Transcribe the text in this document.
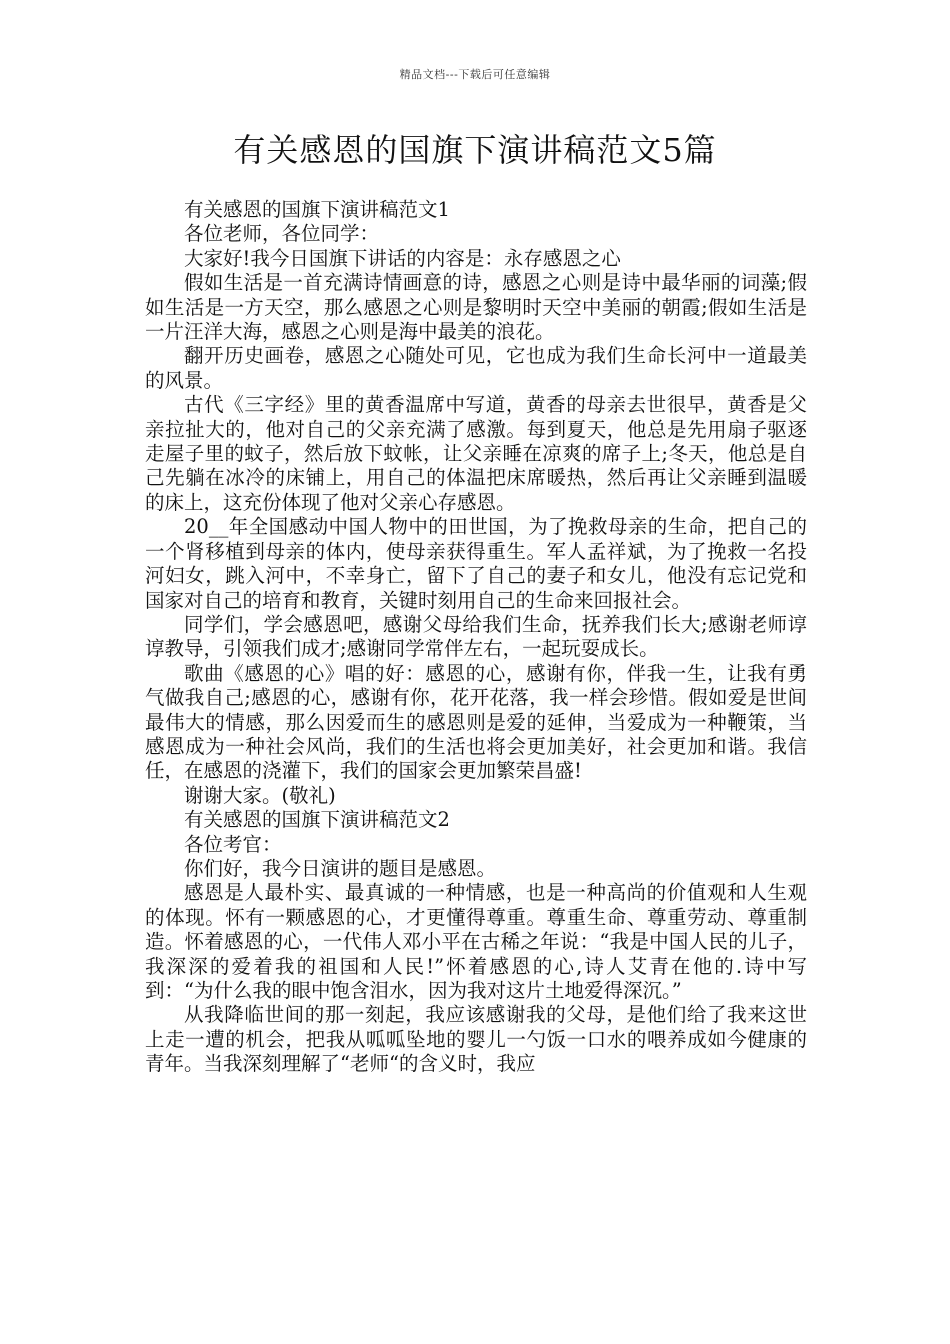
精品文档---下载后可任意编辑
有关感恩的国旗下演讲稿范文5篇

有关感恩的国旗下演讲稿范文1

各位老师，各位同学：

大家好!我今日国旗下讲话的内容是：永存感恩之心

假如生活是一首充满诗情画意的诗，感恩之心则是诗中最华丽的词藻;假如生活是一方天空，那么感恩之心则是黎明时天空中美丽的朝霞;假如生活是一片汪洋大海，感恩之心则是海中最美的浪花。

翻开历史画卷，感恩之心随处可见，它也成为我们生命长河中一道最美的风景。

古代《三字经》里的黄香温席中写道，黄香的母亲去世很早，黄香是父亲拉扯大的，他对自己的父亲充满了感激。每到夏天，他总是先用扇子驱逐走屋子里的蚊子，然后放下蚊帐，让父亲睡在凉爽的席子上;冬天，他总是自己先躺在冰冷的床铺上，用自己的体温把床席暖热，然后再让父亲睡到温暖的床上，这充份体现了他对父亲心存感恩。

20__年全国感动中国人物中的田世国，为了挽救母亲的生命，把自己的一个肾移植到母亲的体内，使母亲获得重生。军人孟祥斌，为了挽救一名投河妇女，跳入河中，不幸身亡，留下了自己的妻子和女儿，他没有忘记党和国家对自己的培育和教育，关键时刻用自己的生命来回报社会。

同学们，学会感恩吧，感谢父母给我们生命，抚养我们长大;感谢老师谆谆教导，引领我们成才;感谢同学常伴左右，一起玩耍成长。

歌曲《感恩的心》唱的好：感恩的心，感谢有你，伴我一生，让我有勇气做我自己;感恩的心，感谢有你，花开花落，我一样会珍惜。假如爱是世间最伟大的情感，那么因爱而生的感恩则是爱的延伸，当爱成为一种鞭策，当感恩成为一种社会风尚，我们的生活也将会更加美好，社会更加和谐。我信任，在感恩的浇灌下，我们的国家会更加繁荣昌盛!

谢谢大家。(敬礼)

有关感恩的国旗下演讲稿范文2

各位考官：

你们好，我今日演讲的题目是感恩。

感恩是人最朴实、最真诚的一种情感，也是一种高尚的价值观和人生观的体现。怀有一颗感恩的心，才更懂得尊重。尊重生命、尊重劳动、尊重制造。怀着感恩的心，一代伟人邓小平在古稀之年说：“我是中国人民的儿子，我深深的爱着我的祖国和人民!”怀着感恩的心,诗人艾青在他的.诗中写到：“为什么我的眼中饱含泪水，因为我对这片土地爱得深沉。”

从我降临世间的那一刻起，我应该感谢我的父母，是他们给了我来这世上走一遭的机会，把我从呱呱坠地的婴儿一勺饭一口水的喂养成如今健康的青年。当我深刻理解了“老师“的含义时，我应
